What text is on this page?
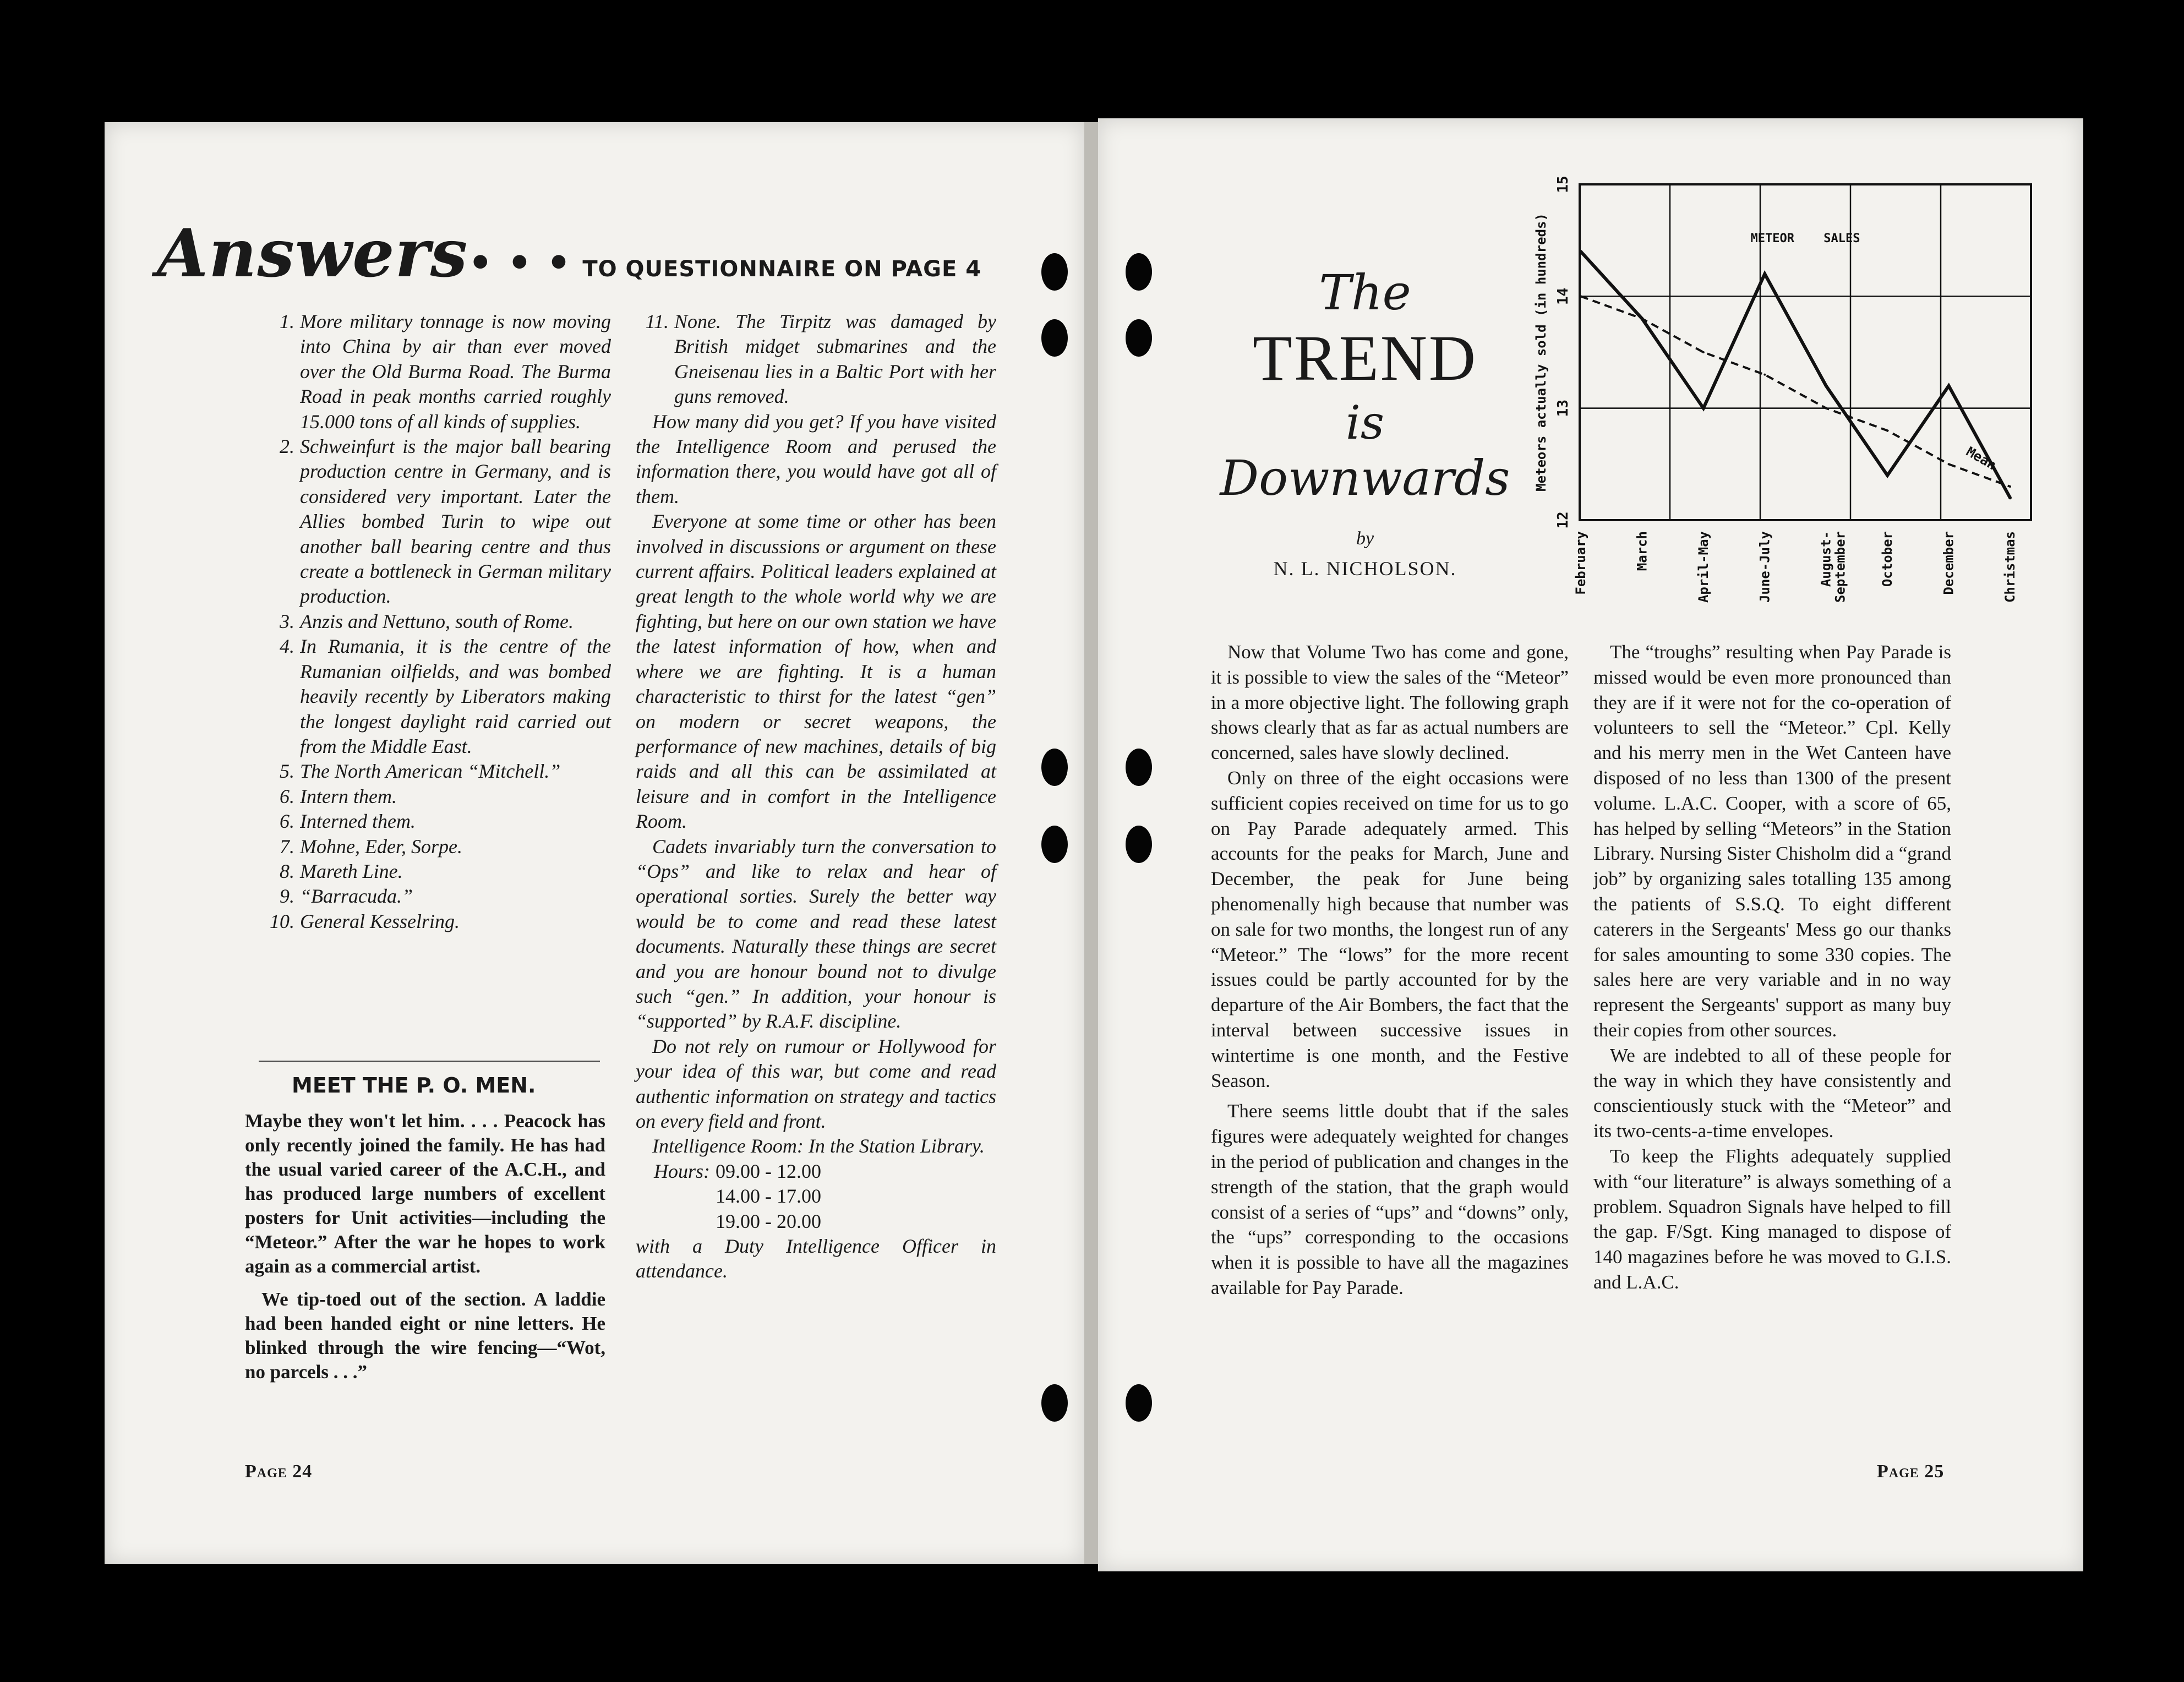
Answers• • • TO QUESTIONNAIRE ON PAGE 4
1. More military tonnage is now moving into China by air than ever moved over the Old Burma Road. The Burma Road in peak months carried roughly 15.000 tons of all kinds of supplies.
2. Schweinfurt is the major ball bearing production centre in Germany, and is considered very important. Later the Allies bombed Turin to wipe out another ball bearing centre and thus create a bottleneck in German military production.
3. Anzis and Nettuno, south of Rome.
4. In Rumania, it is the centre of the Rumanian oilfields, and was bombed heavily recently by Liberators making the longest daylight raid carried out from the Middle East.
5. The North American “Mitchell.”
6. Intern them.
6. Interned them.
7. Mohne, Eder, Sorpe.
8. Mareth Line.
9. “Barracuda.”
10. General Kesselring.
MEET THE P. O. MEN.

Maybe they won't let him. . . . Peacock has only recently joined the family. He has had the usual varied career of the A.C.H., and has produced large numbers of excellent posters for Unit activities—including the “Meteor.” After the war he hopes to work again as a commercial artist.

We tip-toed out of the section. A laddie had been handed eight or nine letters. He blinked through the wire fencing—“Wot, no parcels . . .”

11. None. The Tirpitz was damaged by British midget submarines and the Gneisenau lies in a Baltic Port with her guns removed.

How many did you get? If you have visited the Intelligence Room and perused the information there, you would have got all of them.

Everyone at some time or other has been involved in discussions or argument on these current affairs. Political leaders explained at great length to the whole world why we are fighting, but here on our own station we have the latest information of how, when and where we are fighting. It is a human characteristic to thirst for the latest “gen” on modern or secret weapons, the performance of new machines, details of big raids and all this can be assimilated at leisure and in comfort in the Intelligence Room.

Cadets invariably turn the conversation to “Ops” and like to relax and hear of operational sorties. Surely the better way would be to come and read these latest documents. Naturally these things are secret and you are honour bound not to divulge such “gen.” In addition, your honour is “supported” by R.A.F. discipline.

Do not rely on rumour or Hollywood for your idea of this war, but come and read authentic information on strategy and tactics on every field and front.

Intelligence Room: In the Station Library.

Hours: 09.00 - 12.00
14.00 - 17.00
19.00 - 20.00

with a Duty Intelligence Officer in attendance.

Page 24
The
TREND
is
Downwards
by
N. L. NICHOLSON.
12
13
14
15
Mean
METEOR SALES
Meteors actually sold (in hundreds)
February	March	April-May	June-July	August-
September October	December	Christmas

Now that Volume Two has come and gone, it is possible to view the sales of the “Meteor” in a more objective light. The following graph shows clearly that as far as actual numbers are concerned, sales have slowly declined.

Only on three of the eight occasions were sufficient copies received on time for us to go on Pay Parade adequately armed. This accounts for the peaks for March, June and December, the peak for June being phenomenally high because that number was on sale for two months, the longest run of any “Meteor.” The “lows” for the more recent issues could be partly accounted for by the departure of the Air Bombers, the fact that the interval between successive issues in wintertime is one month, and the Festive Season.

There seems little doubt that if the sales figures were adequately weighted for changes in the period of publication and changes in the strength of the station, that the graph would consist of a series of “ups” and “downs” only, the “ups” corresponding to the occasions when it is possible to have all the magazines available for Pay Parade.

The “troughs” resulting when Pay Parade is missed would be even more pronounced than they are if it were not for the co-operation of volunteers to sell the “Meteor.” Cpl. Kelly and his merry men in the Wet Canteen have disposed of no less than 1300 of the present volume. L.A.C. Cooper, with a score of 65, has helped by selling “Meteors” in the Station Library. Nursing Sister Chisholm did a “grand job” by organizing sales totalling 135 among the patients of S.S.Q. To eight different caterers in the Sergeants' Mess go our thanks for sales amounting to some 330 copies. The sales here are very variable and in no way represent the Sergeants' support as many buy their copies from other sources.

We are indebted to all of these people for the way in which they have consistently and conscientiously stuck with the “Meteor” and its two-cents-a-time envelopes.

To keep the Flights adequately supplied with “our literature” is always something of a problem. Squadron Signals have helped to fill the gap. F/Sgt. King managed to dispose of 140 magazines before he was moved to G.I.S. and L.A.C.

Page 25
